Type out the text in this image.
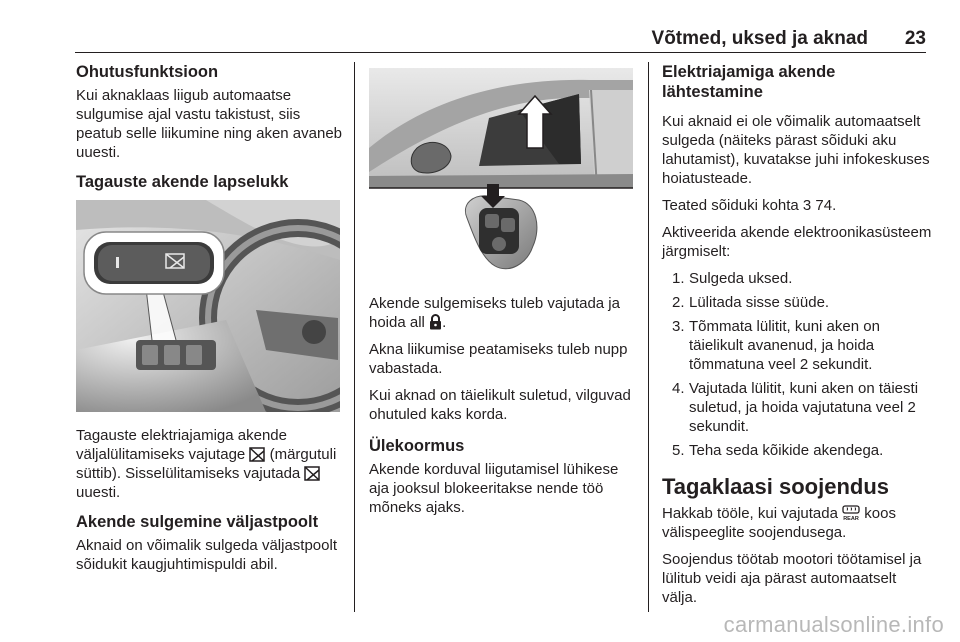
Võtmed, uksed ja aknad 23
Ohutusfunktsioon

Kui aknaklaas liigub automaatse sulgumise ajal vastu takistust, siis peatub selle liikumine ning aken avaneb uuesti.

Tagauste akende lapselukk

Tagauste elektriajamiga akende väljalülitamiseks vajutage (märgutuli süttib). Sisselülitamiseks vajutada  uuesti.

Akende sulgemine väljastpoolt

Aknaid on võimalik sulgeda väljastpoolt sõidukit kaugjuhtimispuldi abil.

Akende sulgemiseks tuleb vajutada ja hoida all .

Akna liikumise peatamiseks tuleb nupp vabastada.

Kui aknad on täielikult suletud, vilguvad ohutuled kaks korda.

Ülekoormus

Akende korduval liigutamisel lühikese aja jooksul blokeeritakse nende töö mõneks ajaks.

Elektriajamiga akende lähtestamine

Kui aknaid ei ole võimalik automaatselt sulgeda (näiteks pärast sõiduki aku lahutamist), kuvatakse juhi infokeskuses hoiatusteade.

Teated sõiduki kohta 3 74.

Aktiveerida akende elektroonikasüsteem järgmiselt:

1. Sulgeda uksed.
2. Lülitada sisse süüde.
3. Tõmmata lülitit, kuni aken on täielikult avanenud, ja hoida tõmmatuna veel 2 sekundit.
4. Vajutada lülitit, kuni aken on täiesti suletud, ja hoida vajutatuna veel 2 sekundit.
5. Teha seda kõikide akendega.
Tagaklaasi soojendus

Hakkab tööle, kui vajutada REAR koos välispeeglite soojendusega.

Soojendus töötab mootori töötamisel ja lülitub veidi aja pärast automaatselt välja.

carmanualsonline.info
